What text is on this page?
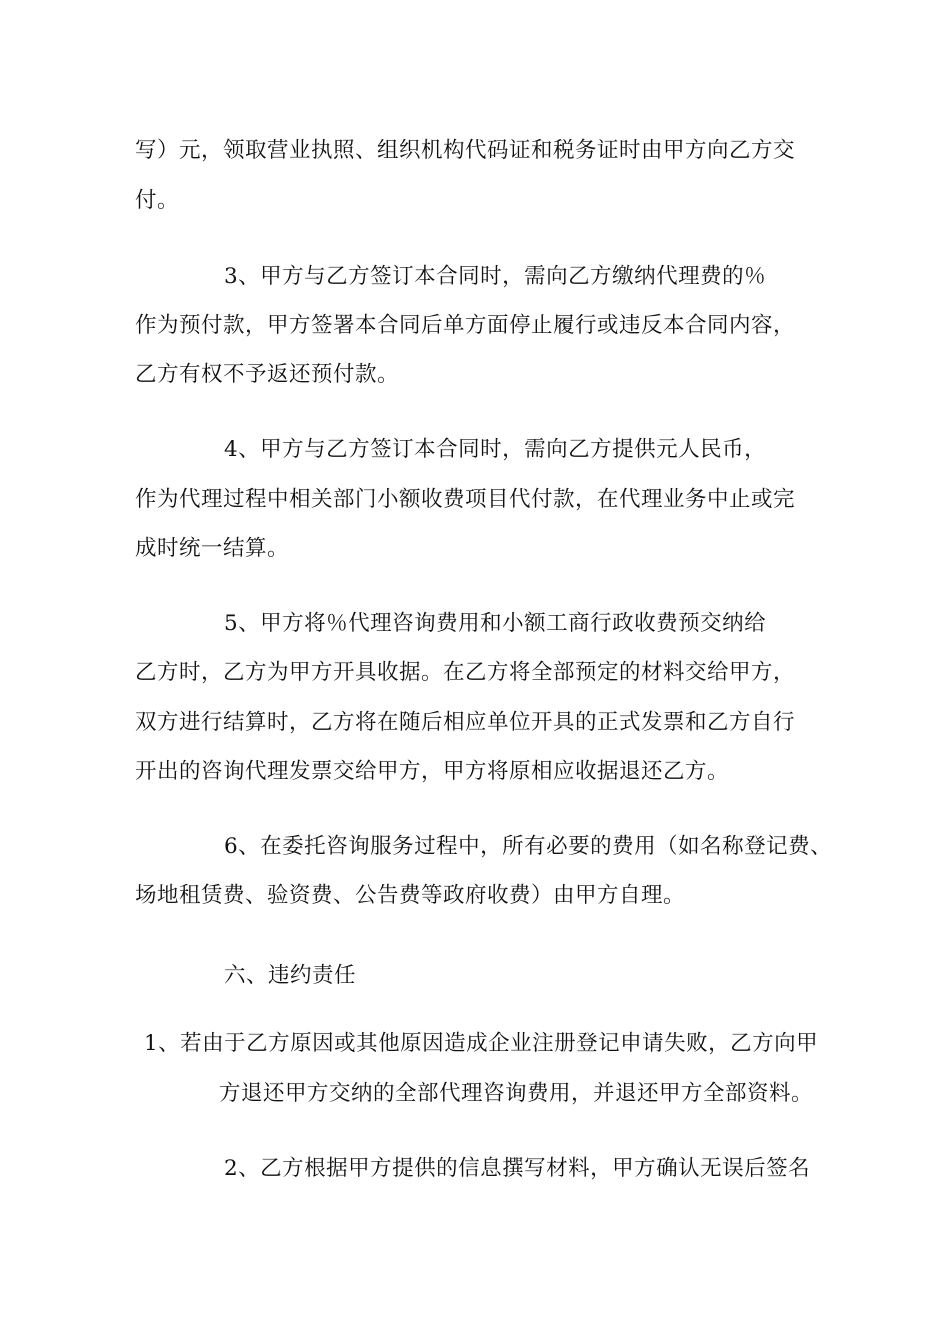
写）元，领取营业执照、组织机构代码证和税务证时由甲方向乙方交
付。
3、甲方与乙方签订本合同时，需向乙方缴纳代理费的％
作为预付款，甲方签署本合同后单方面停止履行或违反本合同内容，
乙方有权不予返还预付款。
4、甲方与乙方签订本合同时，需向乙方提供元人民币，
作为代理过程中相关部门小额收费项目代付款，在代理业务中止或完
成时统一结算。
5、甲方将％代理咨询费用和小额工商行政收费预交纳给
乙方时，乙方为甲方开具收据。在乙方将全部预定的材料交给甲方，
双方进行结算时，乙方将在随后相应单位开具的正式发票和乙方自行
开出的咨询代理发票交给甲方，甲方将原相应收据退还乙方。
6、在委托咨询服务过程中，所有必要的费用（如名称登记费、
场地租赁费、验资费、公告费等政府收费）由甲方自理。
六、违约责任
1、若由于乙方原因或其他原因造成企业注册登记申请失败，乙方向甲
方退还甲方交纳的全部代理咨询费用，并退还甲方全部资料。
2、乙方根据甲方提供的信息撰写材料，甲方确认无误后签名
